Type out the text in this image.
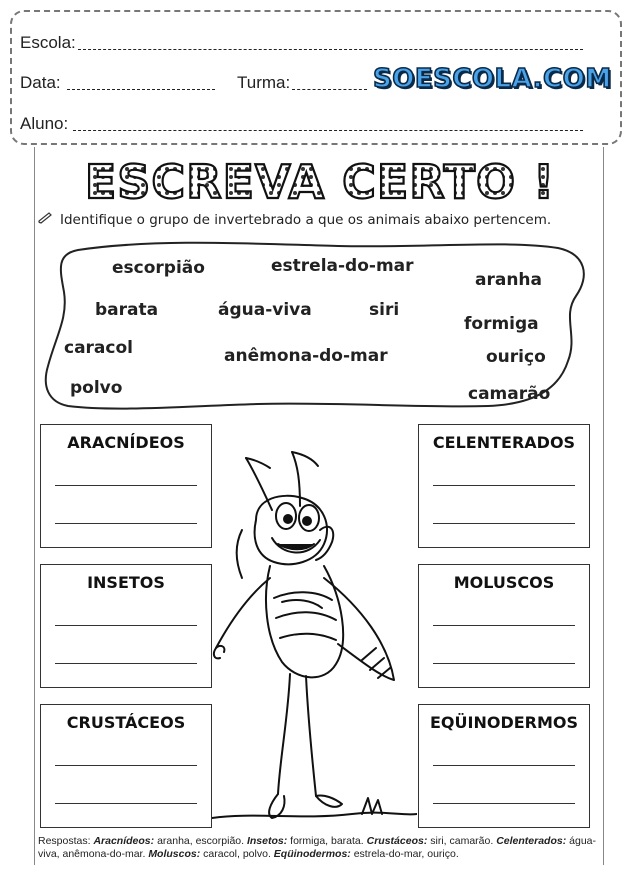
Escola:
Data:	Turma:	SOESCOLA.COM
Aluno:
ESCREVA CERTO !
Identifique o grupo de invertebrado a que os animais abaixo pertencem.
escorpião	estrela-do-mar
aranha
barata	água-viva	siri
formiga
caracol	anêmona-do-mar	ouriço
polvo	camarão
ARACNÍDEOS	CELENTERADOS
INSETOS	MOLUSCOS
CRUSTÁCEOS	EQÜINODERMOS
Respostas: Aracnídeos: aranha, escorpião. Insetos: formiga, barata. Crustáceos: siri, camarão. Celenterados: água-viva, anêmona-do-mar. Moluscos: caracol, polvo. Eqüinodermos: estrela-do-mar, ouriço.
